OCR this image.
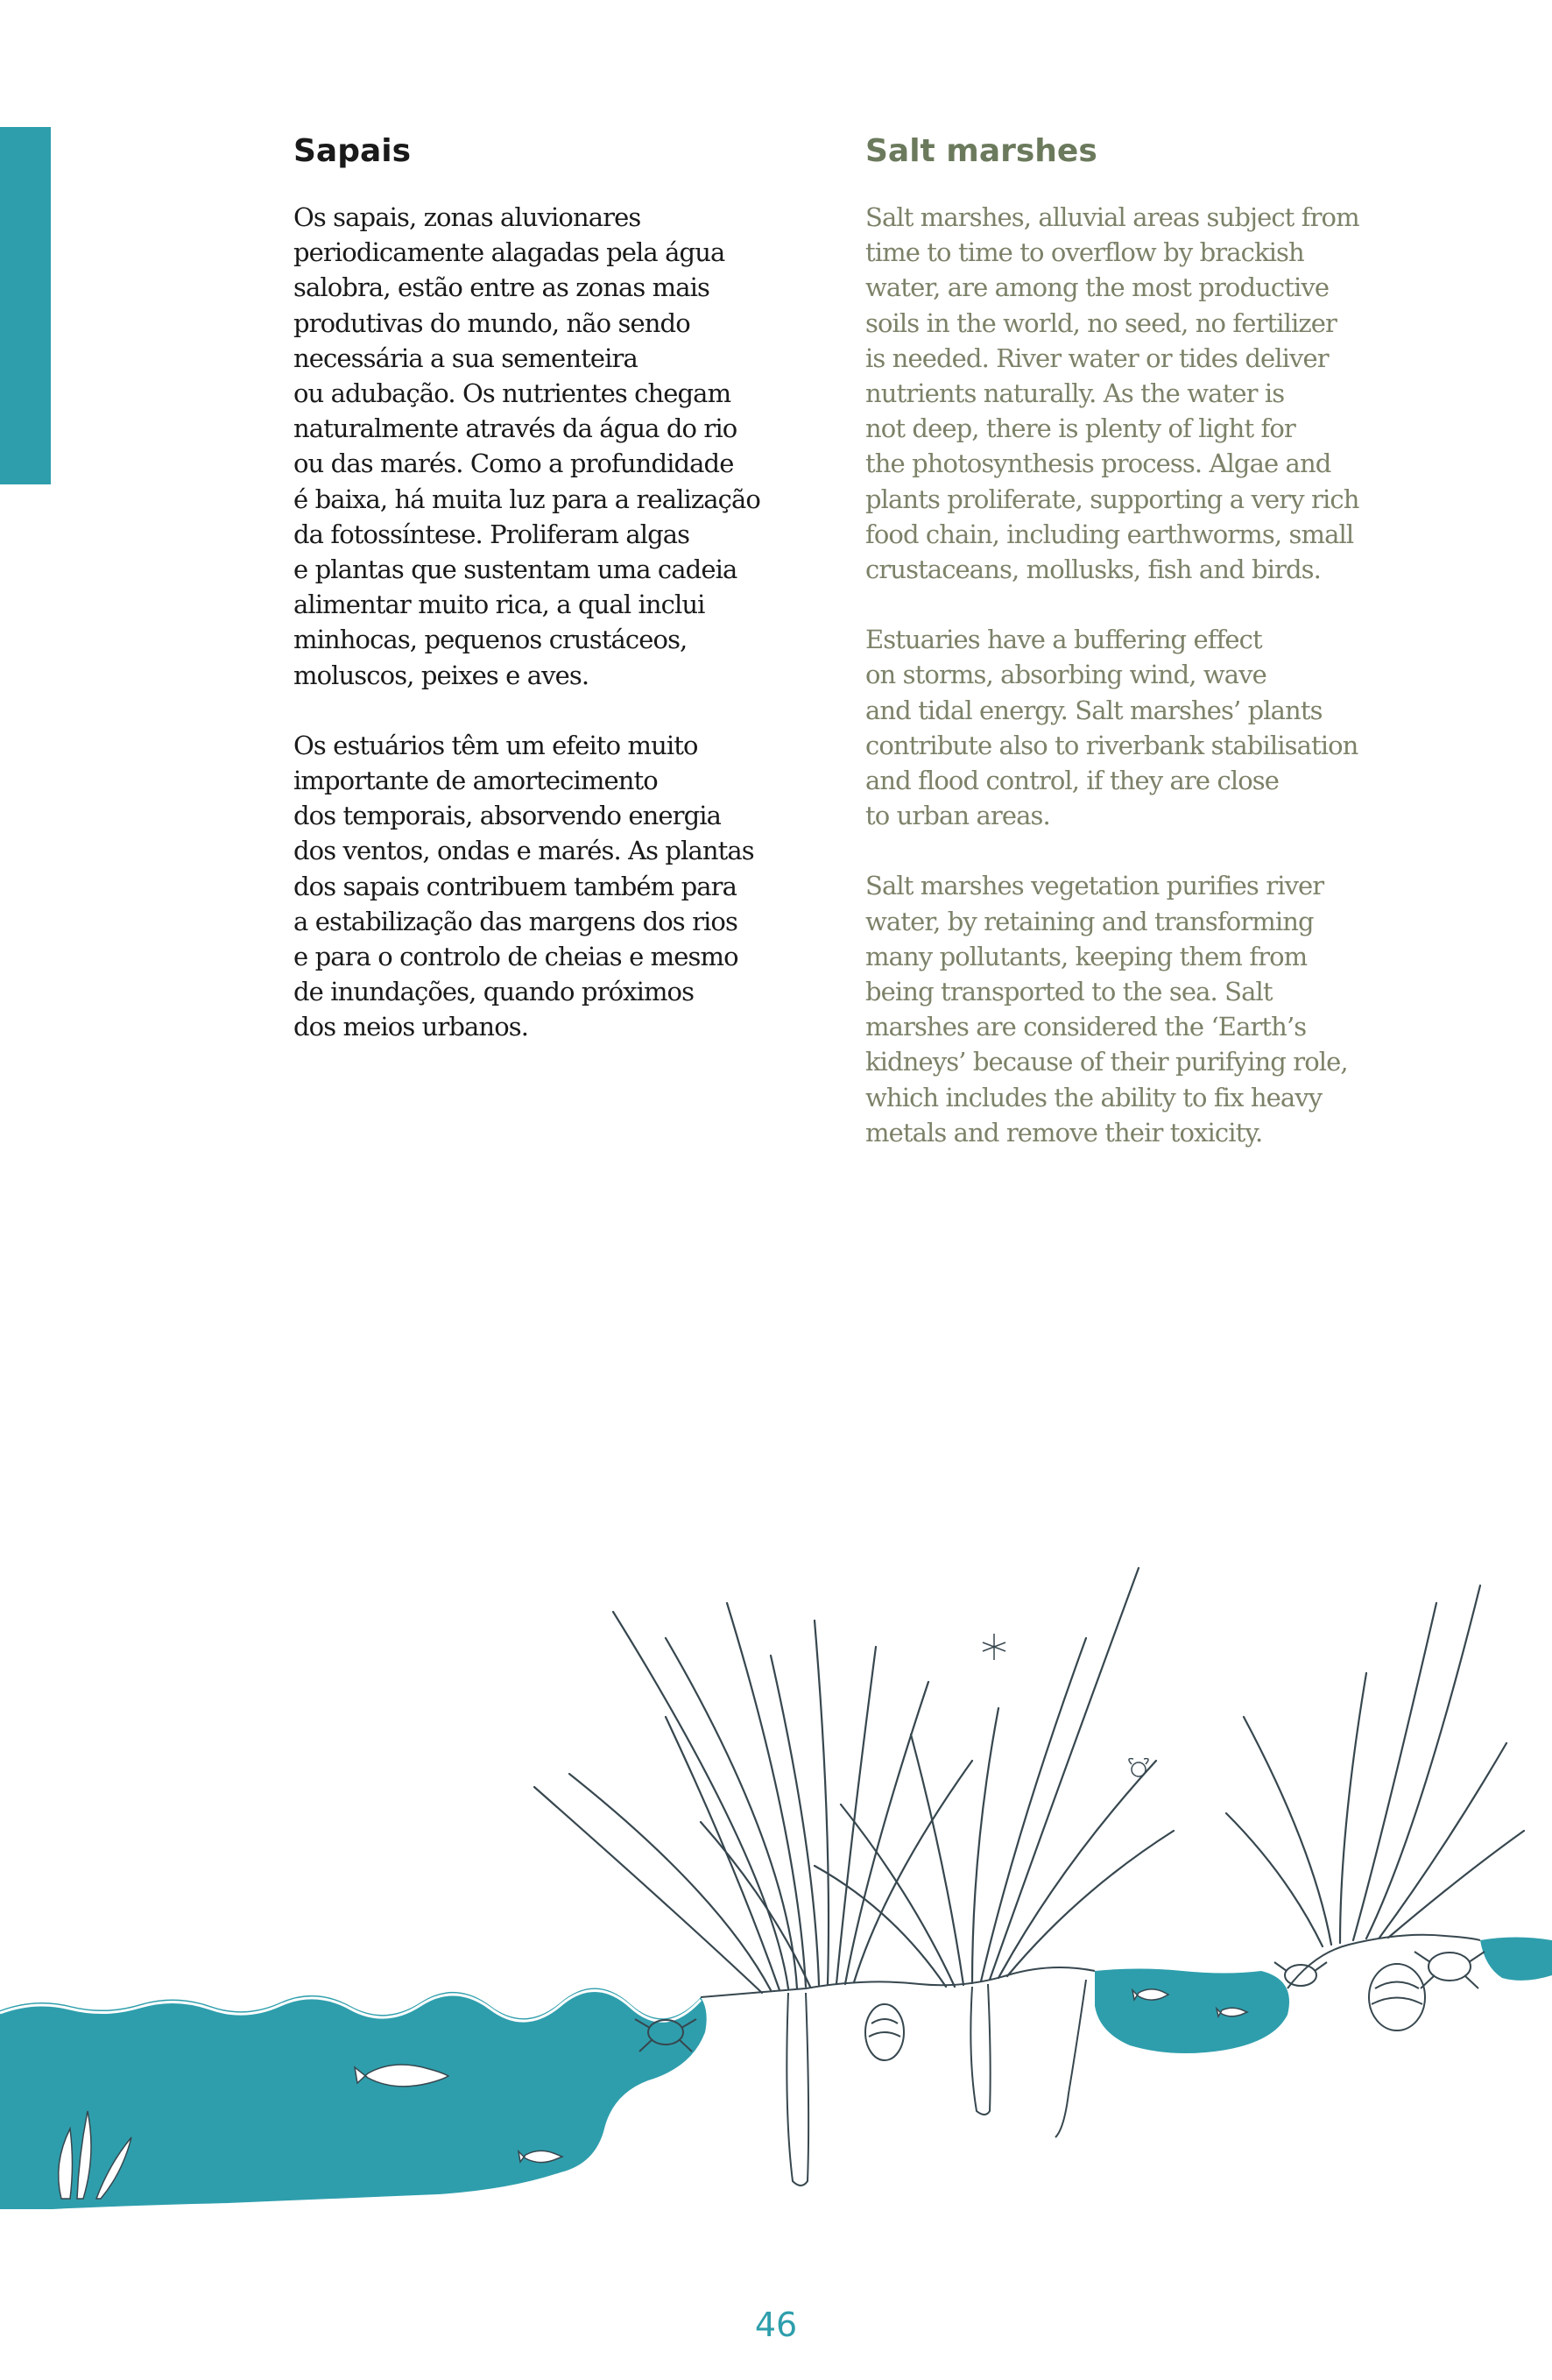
Sapais

Os sapais, zonas aluvionares
periodicamente alagadas pela água
salobra, estão entre as zonas mais
produtivas do mundo, não sendo
necessária a sua sementeira
ou adubação. Os nutrientes chegam
naturalmente através da água do rio
ou das marés. Como a profundidade
é baixa, há muita luz para a realização
da fotossíntese. Proliferam algas
e plantas que sustentam uma cadeia
alimentar muito rica, a qual inclui
minhocas, pequenos crustáceos,
moluscos, peixes e aves.

Os estuários têm um efeito muito
importante de amortecimento
dos temporais, absorvendo energia
dos ventos, ondas e marés. As plantas
dos sapais contribuem também para
a estabilização das margens dos rios
e para o controlo de cheias e mesmo
de inundações, quando próximos
dos meios urbanos.

Salt marshes

Salt marshes, alluvial areas subject from
time to time to overflow by brackish
water, are among the most productive
soils in the world, no seed, no fertilizer
is needed. River water or tides deliver
nutrients naturally. As the water is
not deep, there is plenty of light for
the photosynthesis process. Algae and
plants proliferate, supporting a very rich
food chain, including earthworms, small
crustaceans, mollusks, fish and birds.

Estuaries have a buffering effect
on storms, absorbing wind, wave
and tidal energy. Salt marshes’ plants
contribute also to riverbank stabilisation
and flood control, if they are close
to urban areas.

Salt marshes vegetation purifies river
water, by retaining and transforming
many pollutants, keeping them from
being transported to the sea. Salt
marshes are considered the ‘Earth’s
kidneys’ because of their purifying role,
which includes the ability to fix heavy
metals and remove their toxicity.

46
